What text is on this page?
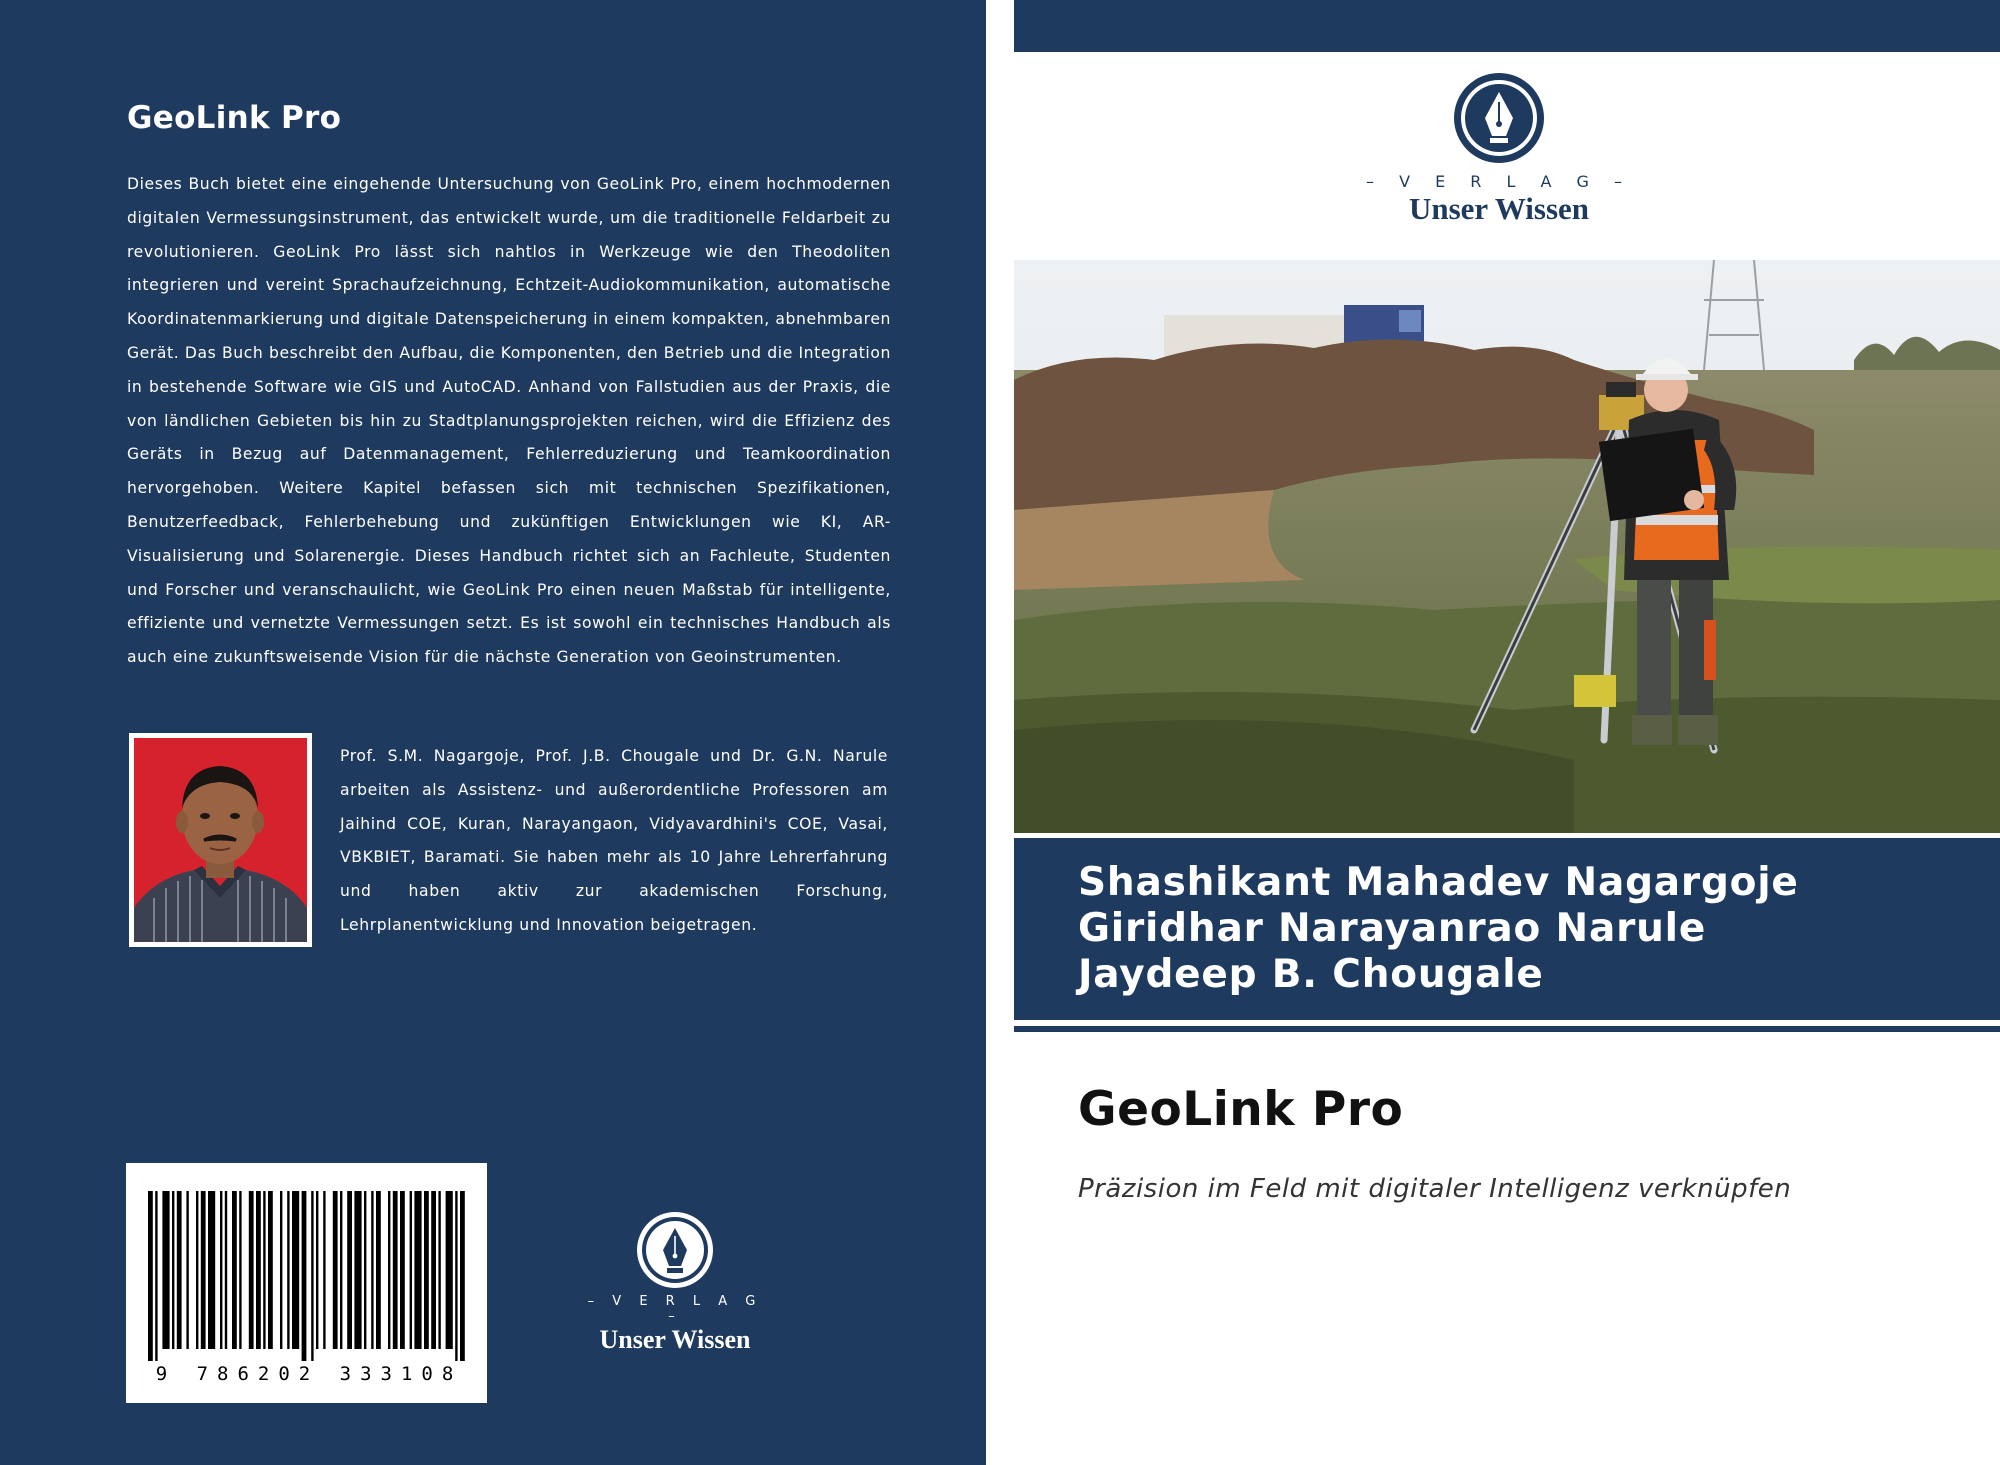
GeoLink Pro

Dieses Buch bietet eine eingehende Untersuchung von GeoLink Pro, einem hochmodernen digitalen Vermessungsinstrument, das entwickelt wurde, um die traditionelle Feldarbeit zu revolutionieren. GeoLink Pro lässt sich nahtlos in Werkzeuge wie den Theodoliten integrieren und vereint Sprachaufzeichnung, Echtzeit-Audiokommunikation, automatische Koordinatenmarkierung und digitale Datenspeicherung in einem kompakten, abnehmbaren Gerät. Das Buch beschreibt den Aufbau, die Komponenten, den Betrieb und die Integration in bestehende Software wie GIS und AutoCAD. Anhand von Fallstudien aus der Praxis, die von ländlichen Gebieten bis hin zu Stadtplanungsprojekten reichen, wird die Effizienz des Geräts in Bezug auf Datenmanagement, Fehlerreduzierung und Teamkoordination hervorgehoben. Weitere Kapitel befassen sich mit technischen Spezifikationen, Benutzerfeedback, Fehlerbehebung und zukünftigen Entwicklungen wie KI, AR-Visualisierung und Solarenergie. Dieses Handbuch richtet sich an Fachleute, Studenten und Forscher und veranschaulicht, wie GeoLink Pro einen neuen Maßstab für intelligente, effiziente und vernetzte Vermessungen setzt. Es ist sowohl ein technisches Handbuch als auch eine zukunftsweisende Vision für die nächste Generation von Geoinstrumenten.

Prof. S.M. Nagargoje, Prof. J.B. Chougale und Dr. G.N. Narule arbeiten als Assistenz- und außerordentliche Professoren am Jaihind COE, Kuran, Narayangaon, Vidyavardhini's COE, Vasai, VBKBIET, Baramati. Sie haben mehr als 10 Jahre Lehrerfahrung und haben aktiv zur akademischen Forschung, Lehrplanentwicklung und Innovation beigetragen.

9 786202 333108
– V E R L A G –
Unser Wissen
– V E R L A G –
Unser Wissen
Shashikant Mahadev Nagargoje
Giridhar Narayanrao Narule
Jaydeep B. Chougale
GeoLink Pro
Präzision im Feld mit digitaler Intelligenz verknüpfen
